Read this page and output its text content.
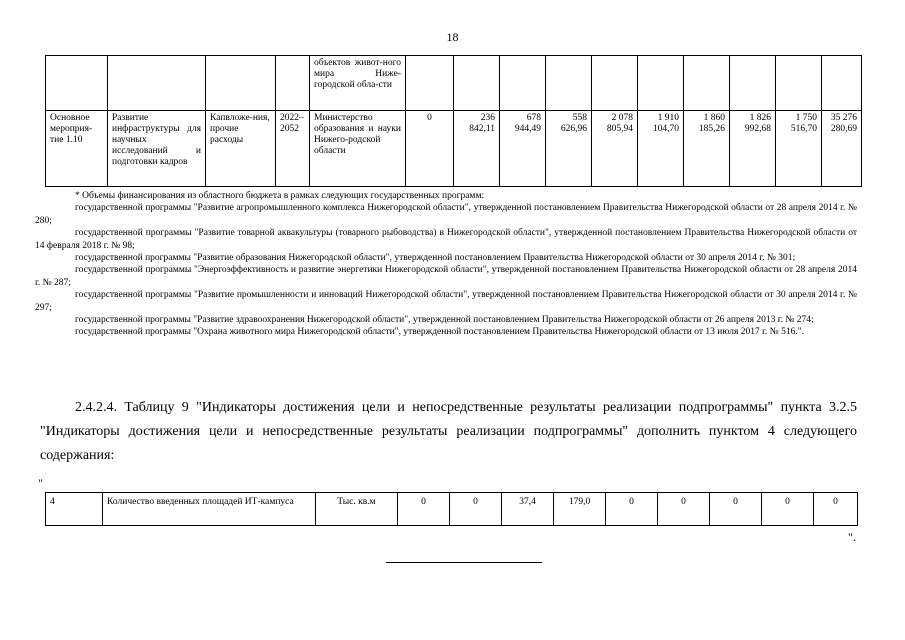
18
				объектов живот-ного мира Ниже-городской обла-сти										
Основное мероприя-тие 1.10	Развитие инфраструктуры для научных исследований и подготовки кадров	Капвложе-ния, прочие расходы	2022–2052	Министерство образования и науки Нижего-родской области	0	236 842,11	678 944,49	558 626,96	2 078 805,94	1 910 104,70	1 860 185,26	1 826 992,68	1 750 516,70	35 276 280,69

* Объемы финансирования из областного бюджета в рамках следующих государственных программ:

государственной программы "Развитие агропромышленного комплекса Нижегородской области", утвержденной постановлением Правительства Нижегородской области от 28 апреля 2014 г. № 280;

государственной программы "Развитие товарной аквакультуры (товарного рыбоводства) в Нижегородской области", утвержденной постановлением Правительства Нижегородской области от 14 февраля 2018 г. № 98;

государственной программы "Развитие образования Нижегородской области", утвержденной постановлением Правительства Нижегородской области от 30 апреля 2014 г. № 301;

государственной программы "Энергоэффективность и развитие энергетики Нижегородской области", утвержденной постановлением Правительства Нижегородской области от 28 апреля 2014 г. № 287;

государственной программы "Развитие промышленности и инноваций Нижегородской области", утвержденной постановлением Правительства Нижегородской области от 30 апреля 2014 г. № 297;

государственной программы "Развитие здравоохранения Нижегородской области", утвержденной постановлением Правительства Нижегородской области от 26 апреля 2013 г. № 274;

государственной программы "Охрана животного мира Нижегородской области", утвержденной постановлением Правительства Нижегородской области от 13 июля 2017 г. № 516.".

2.4.2.4. Таблицу 9 "Индикаторы достижения цели и непосредственные результаты реализации подпрограммы" пункта 3.2.5 "Индикаторы достижения цели и непосредственные результаты реализации подпрограммы" дополнить пунктом 4 следующего содержания:

"
4	Количество введенных площадей ИТ-кампуса	Тыс. кв.м	0	0	37,4	179,0	0	0	0	0	0
".
